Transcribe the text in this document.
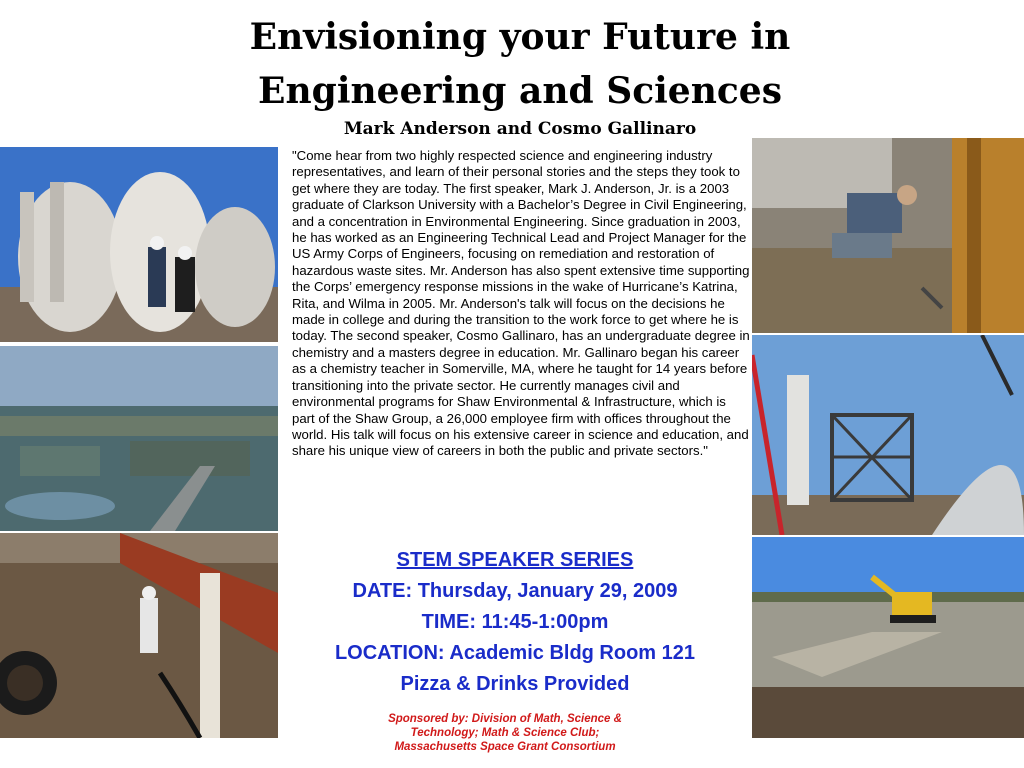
Envisioning your Future in
Engineering and Sciences
Mark Anderson and Cosmo Gallinaro
"Come hear from two highly respected science and engineering industry representatives, and learn of their personal stories and the steps they took to get where they are today. The first speaker, Mark J. Anderson, Jr. is a 2003 graduate of Clarkson University with a Bachelor’s Degree in Civil Engineering, and a concentration in Environmental Engineering. Since graduation in 2003, he has worked as an Engineering Technical Lead and Project Manager for the US Army Corps of Engineers, focusing on remediation and restoration of hazardous waste sites. Mr. Anderson has also spent extensive time supporting the Corps’ emergency response missions in the wake of Hurricane’s Katrina, Rita, and Wilma in 2005. Mr. Anderson's talk will focus on the decisions he made in college and during the transition to the work force to get where he is today. The second speaker, Cosmo Gallinaro, has an undergraduate degree in chemistry and a masters degree in education. Mr. Gallinaro began his career as a chemistry teacher in Somerville, MA, where he taught for 14 years before transitioning into the private sector. He currently manages civil and environmental programs for Shaw Environmental & Infrastructure, which is part of the Shaw Group, a 26,000 employee firm with offices throughout the world. His talk will focus on his extensive career in science and education, and share his unique view of careers in both the public and private sectors."
STEM SPEAKER SERIES
DATE: Thursday, January 29, 2009
TIME: 11:45-1:00pm
LOCATION: Academic Bldg Room 121
Pizza & Drinks Provided
Sponsored by: Division of Math, Science &
Technology; Math & Science Club;
Massachusetts Space Grant Consortium
